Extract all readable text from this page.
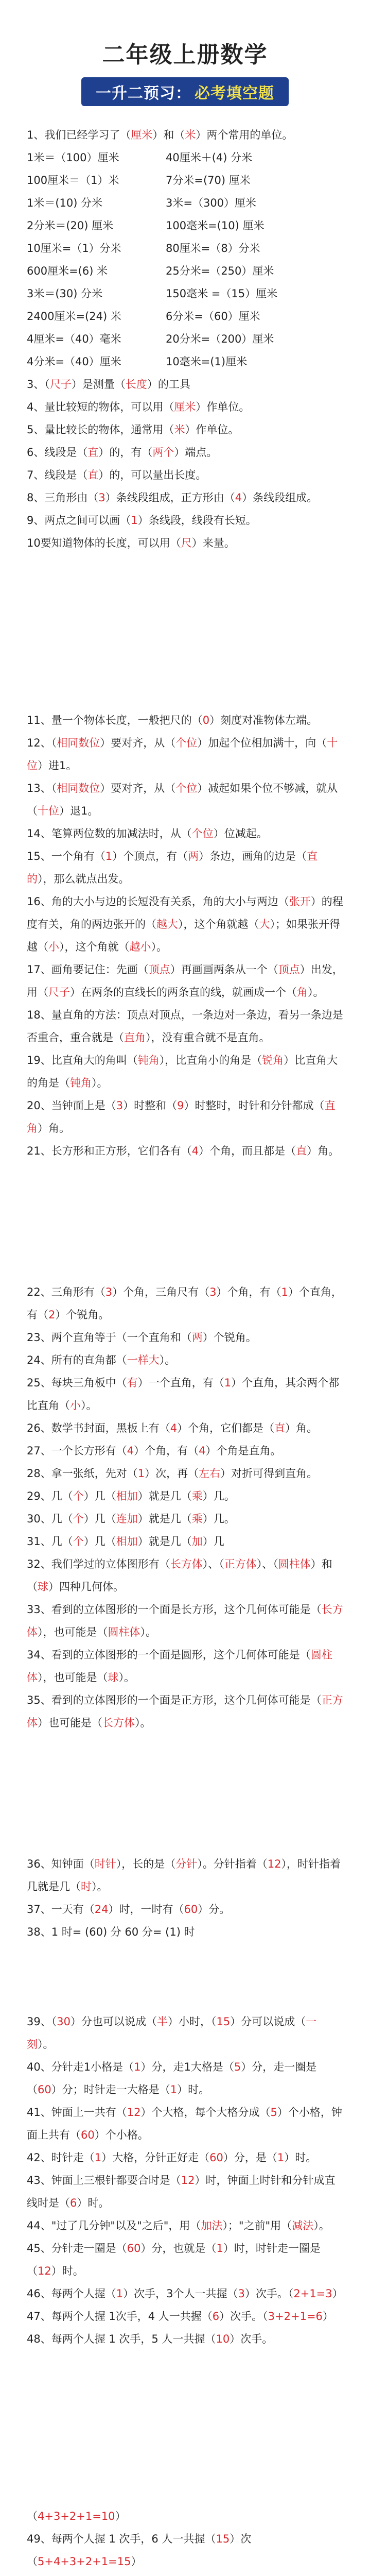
二年级上册数学
一升二预习： 必考填空题

1、我们已经学习了（厘米）和（米）两个常用的单位。

1米＝（100）厘米	40厘米＋(4) 分米
100厘米＝（1）米	7分米=(70) 厘米
1米＝(10) 分米	3米=（300）厘米
2分米＝(20) 厘米	100毫米=(10) 厘米
10厘米=（1）分米	80厘米=（8）分米
600厘米=(6) 米	25分米=（250）厘米
3米＝(30) 分米	150毫米 =（15）厘米
2400厘米=(24) 米	6分米=（60）厘米
4厘米=（40）毫米	20分米=（200）厘米
4分米=（40）厘米	10毫米=(1)厘米

3、（尺子）是测量（长度）的工具

4、量比较短的物体，可以用（厘米）作单位。

5、量比较长的物体，通常用（米）作单位。

6、线段是（直）的，有（两个）端点。

7、线段是（直）的，可以量出长度。

8、三角形由（3）条线段组成，正方形由（4）条线段组成。

9、两点之间可以画（1）条线段，线段有长短。

10要知道物体的长度，可以用（尺）来量。

11、量一个物体长度，一般把尺的（0）刻度对准物体左端。

12、（相同数位）要对齐，从（个位）加起个位相加满十，向（十位）进1。

13、（相同数位）要对齐，从（个位）减起如果个位不够减，就从（十位）退1。

14、笔算两位数的加减法时，从（个位）位减起。

15、一个角有（1）个顶点，有（两）条边，画角的边是（直的），那么就点出发。

16、角的大小与边的长短没有关系，角的大小与两边（张开）的程度有关，角的两边张开的（越大），这个角就越（大）；如果张开得越（小），这个角就（越小）。

17、画角要记住：先画（顶点）再画画两条从一个（顶点）出发，用（尺子）在两条的直线长的两条直的线，就画成一个（角）。

18、量直角的方法：顶点对顶点，一条边对一条边，看另一条边是否重合，重合就是（直角），没有重合就不是直角。

19、比直角大的角叫（钝角），比直角小的角是（锐角）比直角大的角是（钝角）。

20、当钟面上是（3）时整和（9）时整时，时针和分针都成（直角）角。

21、长方形和正方形，它们各有（4）个角，而且都是（直）角。

22、三角形有（3）个角，三角尺有（3）个角，有（1）个直角，有（2）个锐角。

23、两个直角等于（一个直角和（两）个锐角。

24、所有的直角都（一样大）。

25、每块三角板中（有）一个直角，有（1）个直角，其余两个都比直角（小）。

26、数学书封面，黑板上有（4）个角，它们都是（直）角。

27、一个长方形有（4）个角，有（4）个角是直角。

28、拿一张纸，先对（1）次，再（左右）对折可得到直角。

29、几（个）几（相加）就是几（乘）几。

30、几（个）几（连加）就是几（乘）几。

31、几（个）几（相加）就是几（加）几

32、我们学过的立体图形有（长方体）、（正方体）、（圆柱体）和（球）四种几何体。

33、看到的立体图形的一个面是长方形，这个几何体可能是（长方体），也可能是（圆柱体）。

34、看到的立体图形的一个面是圆形，这个几何体可能是（圆柱体），也可能是（球）。

35、看到的立体图形的一个面是正方形，这个几何体可能是（正方体）也可能是（长方体）。

36、知钟面（时针），长的是（分针）。分针指着（12），时针指着几就是几（时）。

37、一天有（24）时，一时有（60）分。

38、1 时= (60) 分 60 分= (1) 时

39、（30）分也可以说成（半）小时，（15）分可以说成（一刻）。

40、分针走1小格是（1）分，走1大格是（5）分，走一圈是（60）分；时针走一大格是（1）时。

41、钟面上一共有（12）个大格，每个大格分成（5）个小格，钟面上共有（60）个小格。

42、时针走（1）大格，分针正好走（60）分，是（1）时。

43、钟面上三根针都要合时是（12）时，钟面上时针和分针成直线时是（6）时。

44、"过了几分钟"以及"之后"，用（加法）；"之前"用（减法）。

45、分针走一圈是（60）分，也就是（1）时，时针走一圈是（12）时。

46、每两个人握（1）次手，3个人一共握（3）次手。（2+1=3）

47、每两个人握 1次手，4 人一共握（6）次手。（3+2+1=6）

48、每两个人握 1 次手，5 人一共握（10）次手。

（4+3+2+1=10）

49、每两个人握 1 次手，6 人一共握（15）次（5+4+3+2+1=15）
